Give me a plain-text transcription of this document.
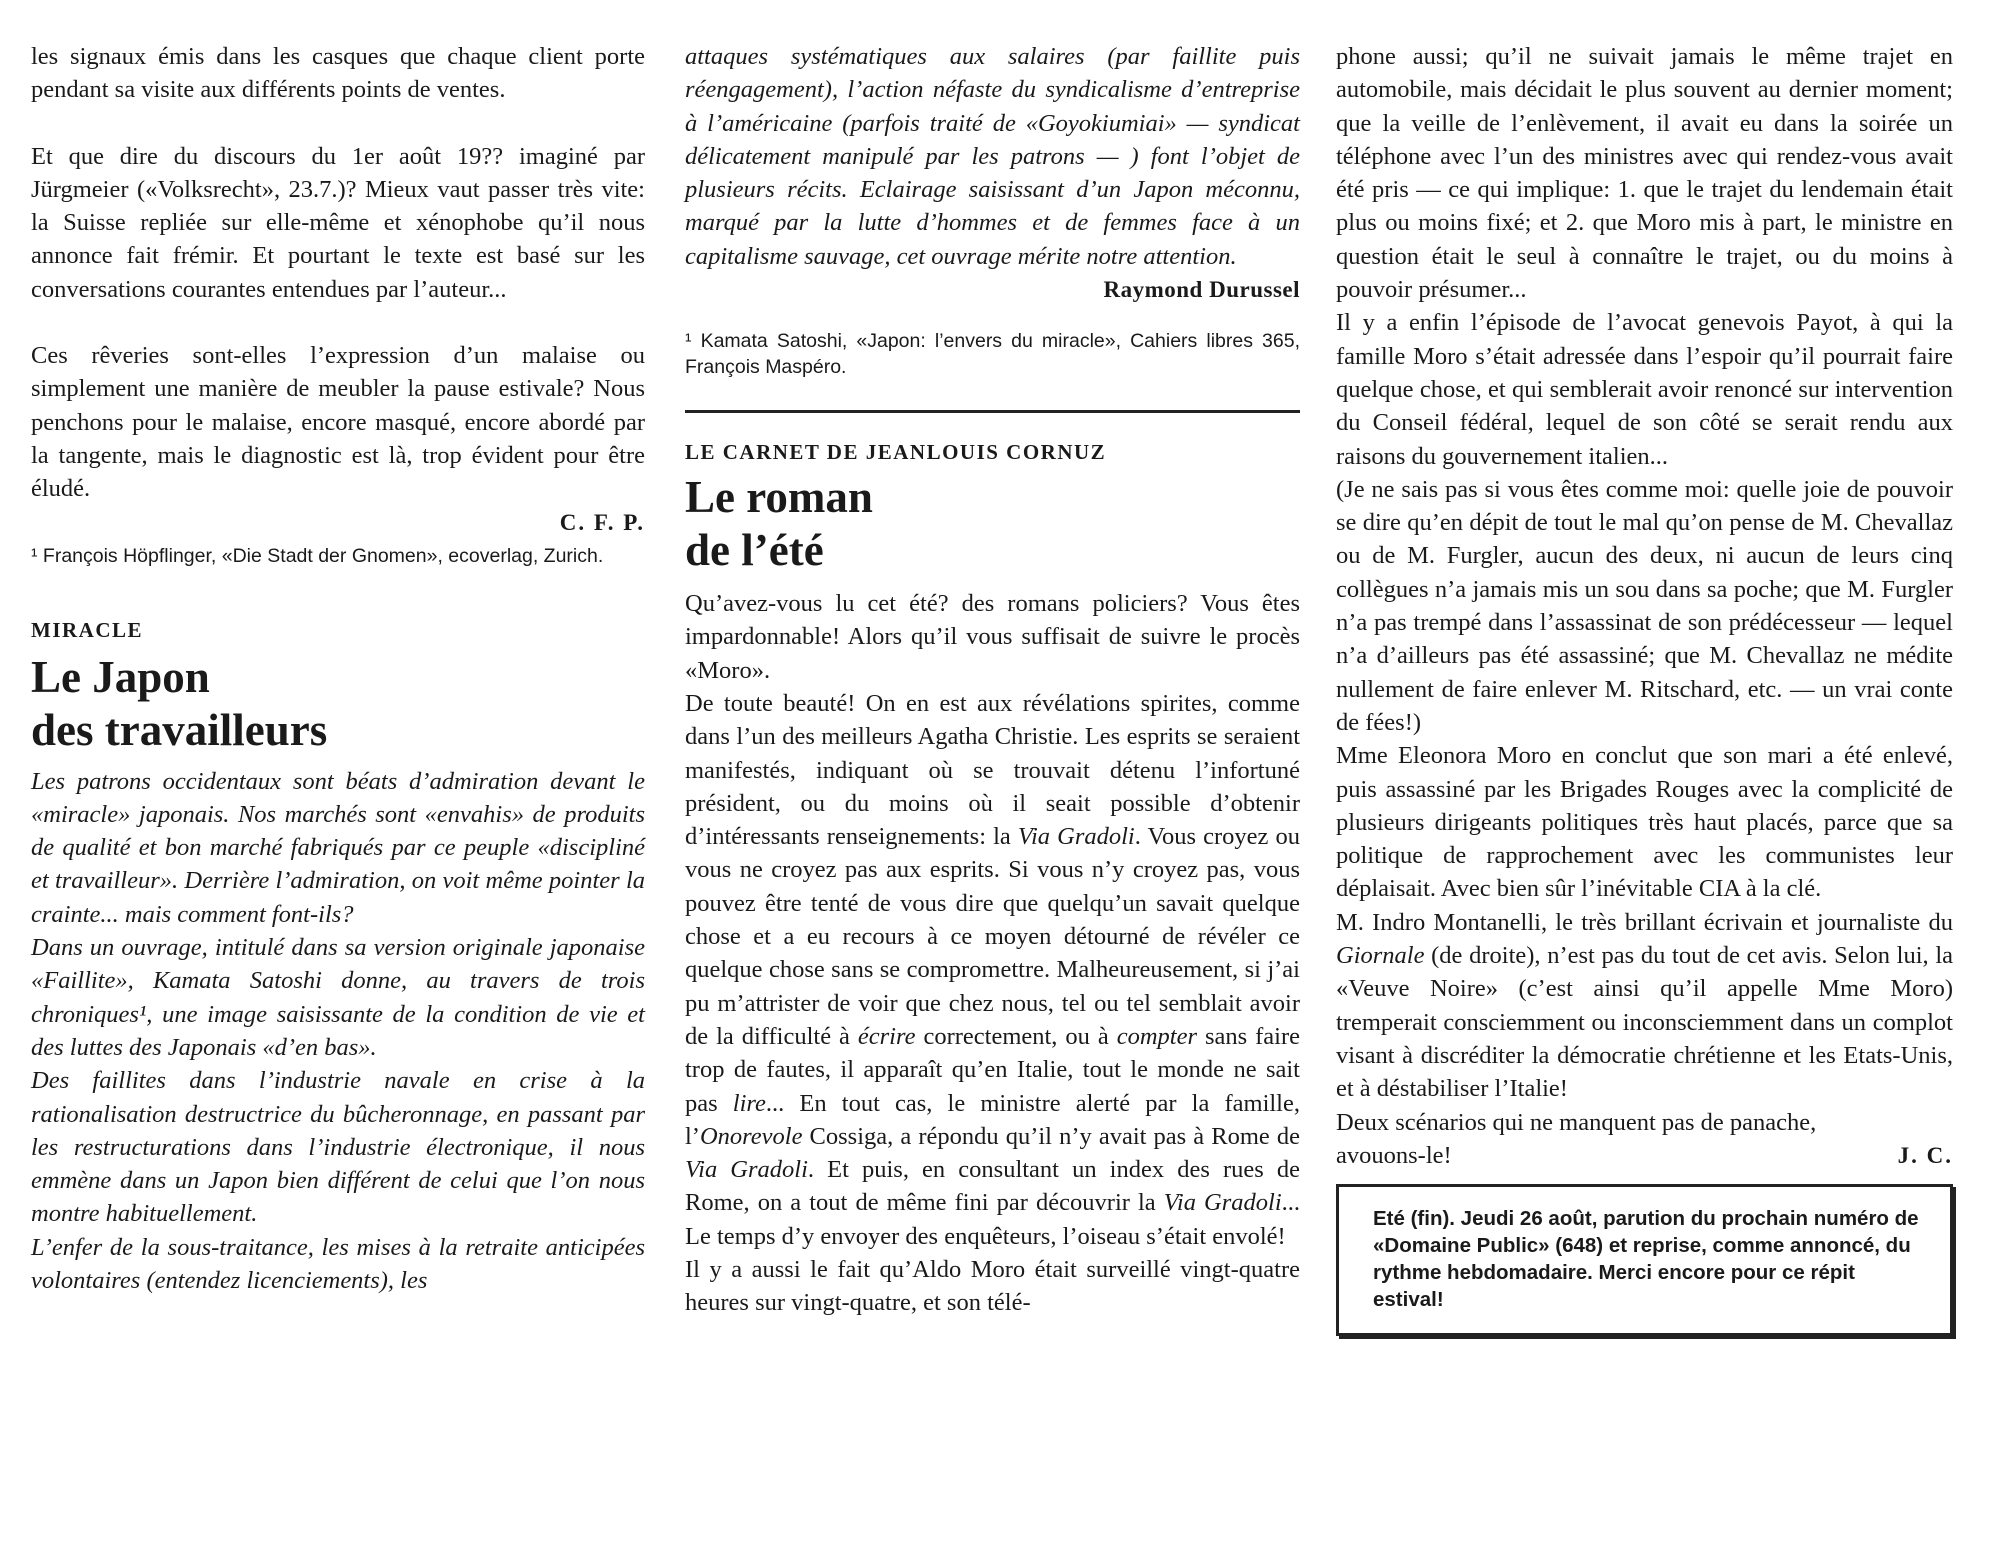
les signaux émis dans les casques que chaque client porte pendant sa visite aux différents points de ventes.

Et que dire du discours du 1er août 19?? imaginé par Jürgmeier («Volksrecht», 23.7.)? Mieux vaut passer très vite: la Suisse repliée sur elle-même et xénophobe qu’il nous annonce fait frémir. Et pourtant le texte est basé sur les conversations courantes entendues par l’auteur...

Ces rêveries sont-elles l’expression d’un malaise ou simplement une manière de meubler la pause estivale? Nous penchons pour le malaise, encore masqué, encore abordé par la tangente, mais le diagnostic est là, trop évident pour être éludé.

C. F. P.

¹ François Höpflinger, «Die Stadt der Gnomen», ecoverlag, Zurich.

MIRACLE

Le Japon
des travailleurs

Les patrons occidentaux sont béats d’admiration devant le «miracle» japonais. Nos marchés sont «envahis» de produits de qualité et bon marché fabriqués par ce peuple «discipliné et travailleur». Derrière l’admiration, on voit même pointer la crainte... mais comment font-ils?

Dans un ouvrage, intitulé dans sa version originale japonaise «Faillite», Kamata Satoshi donne, au travers de trois chroniques¹, une image saisissante de la condition de vie et des luttes des Japonais «d’en bas».

Des faillites dans l’industrie navale en crise à la rationalisation destructrice du bûcheronnage, en passant par les restructurations dans l’industrie électronique, il nous emmène dans un Japon bien différent de celui que l’on nous montre habituellement.

L’enfer de la sous-traitance, les mises à la retraite anticipées volontaires (entendez licenciements), les

attaques systématiques aux salaires (par faillite puis réengagement), l’action néfaste du syndicalisme d’entreprise à l’américaine (parfois traité de «Goyokiumiai» — syndicat délicatement manipulé par les patrons — ) font l’objet de plusieurs récits. Eclairage saisissant d’un Japon méconnu, marqué par la lutte d’hommes et de femmes face à un capitalisme sauvage, cet ouvrage mérite notre attention.

Raymond Durussel

¹ Kamata Satoshi, «Japon: l’envers du miracle», Cahiers libres 365, François Maspéro.

LE CARNET DE JEANLOUIS CORNUZ

Le roman
de l’été

Qu’avez-vous lu cet été? des romans policiers? Vous êtes impardonnable! Alors qu’il vous suffisait de suivre le procès «Moro».

De toute beauté! On en est aux révélations spirites, comme dans l’un des meilleurs Agatha Christie. Les esprits se seraient manifestés, indiquant où se trouvait détenu l’infortuné président, ou du moins où il seait possible d’obtenir d’intéressants renseignements: la Via Gradoli. Vous croyez ou vous ne croyez pas aux esprits. Si vous n’y croyez pas, vous pouvez être tenté de vous dire que quelqu’un savait quelque chose et a eu recours à ce moyen détourné de révéler ce quelque chose sans se compromettre. Malheureusement, si j’ai pu m’attrister de voir que chez nous, tel ou tel semblait avoir de la difficulté à écrire correctement, ou à compter sans faire trop de fautes, il apparaît qu’en Italie, tout le monde ne sait pas lire... En tout cas, le ministre alerté par la famille, l’Onorevole Cossiga, a répondu qu’il n’y avait pas à Rome de Via Gradoli. Et puis, en consultant un index des rues de Rome, on a tout de même fini par découvrir la Via Gradoli... Le temps d’y envoyer des enquêteurs, l’oiseau s’était envolé!

Il y a aussi le fait qu’Aldo Moro était surveillé vingt-quatre heures sur vingt-quatre, et son télé-

phone aussi; qu’il ne suivait jamais le même trajet en automobile, mais décidait le plus souvent au dernier moment; que la veille de l’enlèvement, il avait eu dans la soirée un téléphone avec l’un des ministres avec qui rendez-vous avait été pris — ce qui implique: 1. que le trajet du lendemain était plus ou moins fixé; et 2. que Moro mis à part, le ministre en question était le seul à connaître le trajet, ou du moins à pouvoir présumer...

Il y a enfin l’épisode de l’avocat genevois Payot, à qui la famille Moro s’était adressée dans l’espoir qu’il pourrait faire quelque chose, et qui semblerait avoir renoncé sur intervention du Conseil fédéral, lequel de son côté se serait rendu aux raisons du gouvernement italien...

(Je ne sais pas si vous êtes comme moi: quelle joie de pouvoir se dire qu’en dépit de tout le mal qu’on pense de M. Chevallaz ou de M. Furgler, aucun des deux, ni aucun de leurs cinq collègues n’a jamais mis un sou dans sa poche; que M. Furgler n’a pas trempé dans l’assassinat de son prédécesseur — lequel n’a d’ailleurs pas été assassiné; que M. Chevallaz ne médite nullement de faire enlever M. Ritschard, etc. — un vrai conte de fées!)

Mme Eleonora Moro en conclut que son mari a été enlevé, puis assassiné par les Brigades Rouges avec la complicité de plusieurs dirigeants politiques très haut placés, parce que sa politique de rapprochement avec les communistes leur déplaisait. Avec bien sûr l’inévitable CIA à la clé.

M. Indro Montanelli, le très brillant écrivain et journaliste du Giornale (de droite), n’est pas du tout de cet avis. Selon lui, la «Veuve Noire» (c’est ainsi qu’il appelle Mme Moro) tremperait consciemment ou inconsciemment dans un complot visant à discréditer la démocratie chrétienne et les Etats-Unis, et à déstabiliser l’Italie!

Deux scénarios qui ne manquent pas de panache,

avouons-le!	J. C.

Eté (fin). Jeudi 26 août, parution du prochain numéro de «Domaine Public» (648) et reprise, comme annoncé, du rythme hebdomadaire. Merci encore pour ce répit estival!
